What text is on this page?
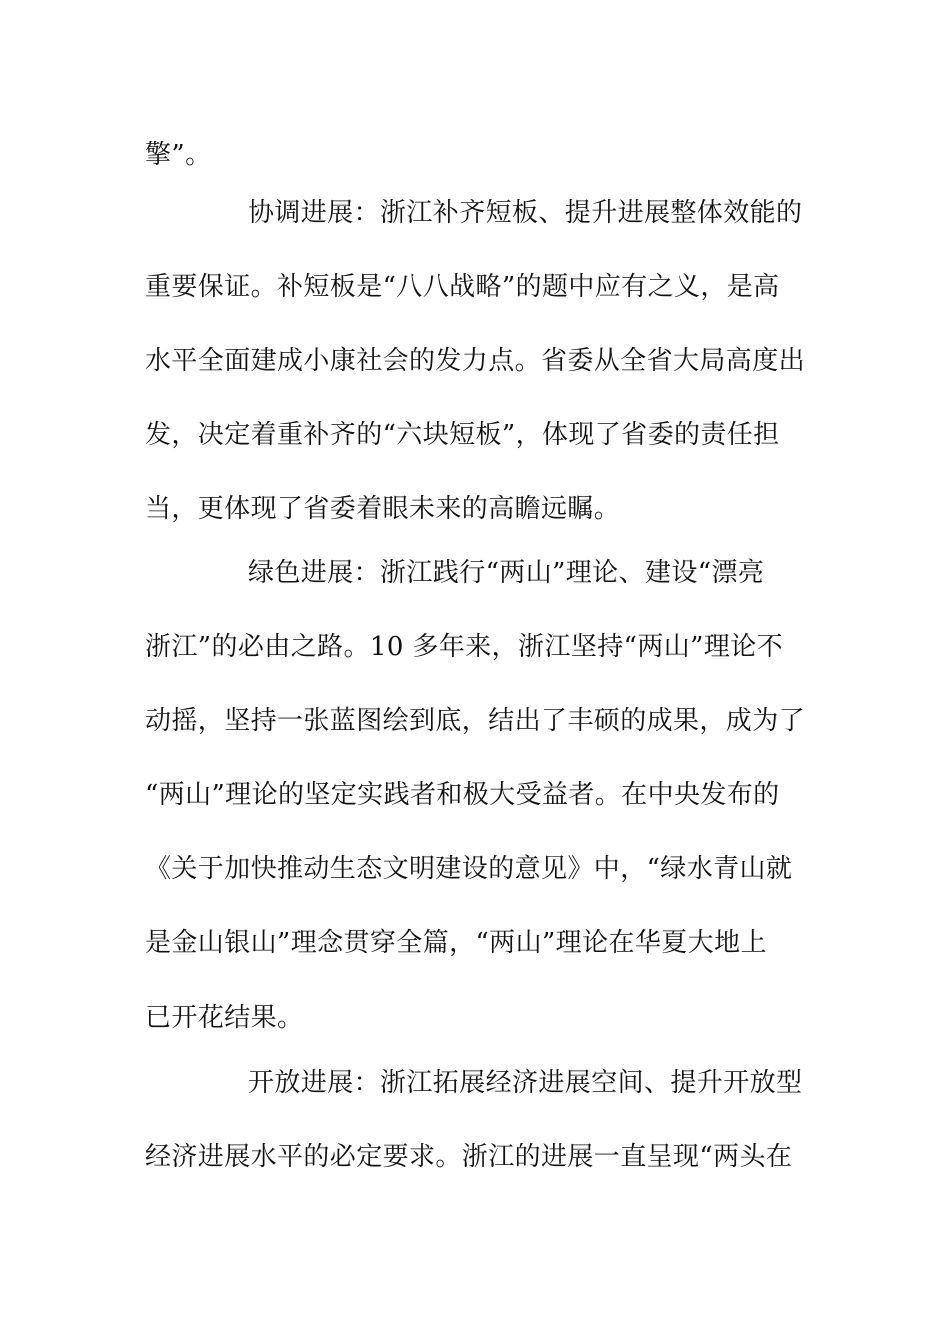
擎”。
协调进展：浙江补齐短板、提升进展整体效能的
重要保证。补短板是“八八战略”的题中应有之义，是高
水平全面建成小康社会的发力点。省委从全省大局高度出
发，决定着重补齐的“六块短板”，体现了省委的责任担
当，更体现了省委着眼未来的高瞻远瞩。
绿色进展：浙江践行“两山”理论、建设“漂亮
浙江”的必由之路。10 多年来，浙江坚持“两山”理论不
动摇，坚持一张蓝图绘到底，结出了丰硕的成果，成为了
“两山”理论的坚定实践者和极大受益者。在中央发布的
《关于加快推动生态文明建设的意见》中，“绿水青山就
是金山银山”理念贯穿全篇，“两山”理论在华夏大地上
已开花结果。
开放进展：浙江拓展经济进展空间、提升开放型
经济进展水平的必定要求。浙江的进展一直呈现“两头在
